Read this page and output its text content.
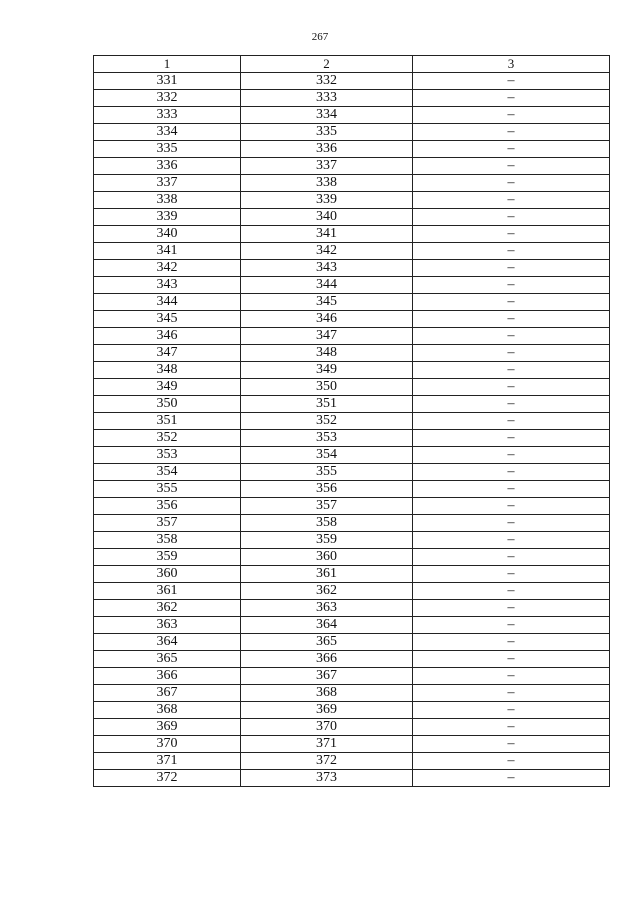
267
1	2	3
331	332	–
332	333	–
333	334	–
334	335	–
335	336	–
336	337	–
337	338	–
338	339	–
339	340	–
340	341	–
341	342	–
342	343	–
343	344	–
344	345	–
345	346	–
346	347	–
347	348	–
348	349	–
349	350	–
350	351	–
351	352	–
352	353	–
353	354	–
354	355	–
355	356	–
356	357	–
357	358	–
358	359	–
359	360	–
360	361	–
361	362	–
362	363	–
363	364	–
364	365	–
365	366	–
366	367	–
367	368	–
368	369	–
369	370	–
370	371	–
371	372	–
372	373	–
